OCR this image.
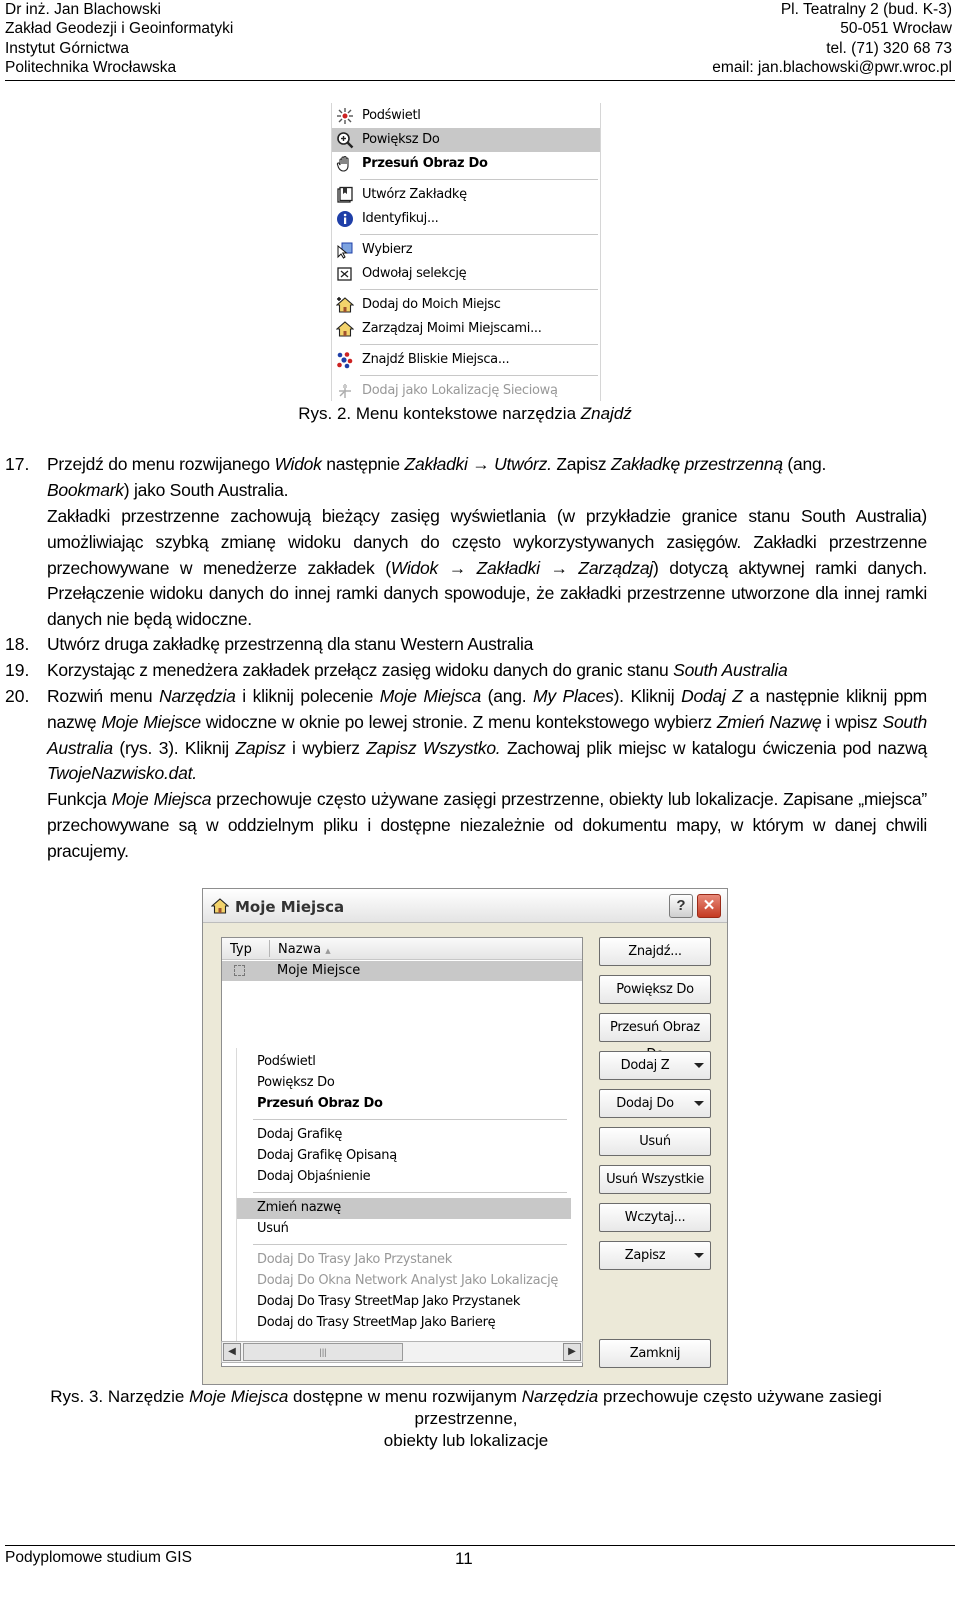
Dr inż. Jan Blachowski
Zakład Geodezji i Geoinformatyki
Instytut Górnictwa
Politechnika Wrocławska
Pl. Teatralny 2 (bud. K-3)
50-051 Wrocław
tel. (71) 320 68 73
email: jan.blachowski@pwr.wroc.pl
Podświetl
Powiększ Do
Przesuń Obraz Do
Utwórz Zakładkę
Identyfikuj...
Wybierz
Odwołaj selekcję
Dodaj do Moich Miejsc
Zarządzaj Moimi Miejscami...
Znajdź Bliskie Miejsca...
Dodaj jako Lokalizację Sieciową
Rys. 2. Menu kontekstowe narzędzia Znajdź
17. Przejdź do menu rozwijanego Widok następnie Zakładki → Utwórz. Zapisz Zakładkę przestrzenną (ang.
Bookmark) jako South Australia.
Zakładki przestrzenne zachowują bieżący zasięg wyświetlania (w przykładzie granice stanu South Australia) umożliwiając szybką zmianę widoku danych do często wykorzystywanych zasięgów. Zakładki przestrzenne przechowywane w menedżerze zakładek (Widok → Zakładki → Zarządzaj) dotyczą aktywnej ramki danych. Przełączenie widoku danych do innej ramki danych spowoduje, że zakładki przestrzenne utworzone dla innej ramki danych nie będą widoczne.
18. Utwórz druga zakładkę przestrzenną dla stanu Western Australia
19. Korzystając z menedżera zakładek przełącz zasięg widoku danych do granic stanu South Australia
20. Rozwiń menu Narzędzia i kliknij polecenie Moje Miejsca (ang. My Places). Kliknij Dodaj Z a następnie kliknij ppm nazwę Moje Miejsce widoczne w oknie po lewej stronie. Z menu kontekstowego wybierz Zmień Nazwę i wpisz South Australia (rys. 3). Kliknij Zapisz i wybierz Zapisz Wszystko. Zachowaj plik miejsc w katalogu ćwiczenia pod nazwą TwojeNazwisko.dat.
Funkcja Moje Miejsca przechowuje często używane zasięgi przestrzenne, obiekty lub lokalizacje. Zapisane „miejsca” przechowywane są w oddzielnym pliku i dostępne niezależnie od dokumentu mapy, w którym w danej chwili pracujemy.
Moje Miejsca	?	✕
Typ Nazwa ▲
Moje Miejsce
Podświetl
Powiększ Do
Przesuń Obraz Do
Dodaj Grafikę
Dodaj Grafikę Opisaną
Dodaj Objaśnienie
Zmień nazwę
Usuń
Dodaj Do Trasy Jako Przystanek
Dodaj Do Okna Network Analyst Jako Lokalizację
Dodaj Do Trasy StreetMap Jako Przystanek
Dodaj do Trasy StreetMap Jako Barierę
◀	|||	▶
Znajdź...
Powiększ Do
Przesuń Obraz
Dodaj Z
Dodaj Do
Usuń
Usuń Wszystkie
Wczytaj...
Zapisz
Zamknij
Rys. 3. Narzędzie Moje Miejsca dostępne w menu rozwijanym Narzędzia przechowuje często używane zasiegi przestrzenne,
obiekty lub lokalizacje
Podyplomowe studium GIS	11
